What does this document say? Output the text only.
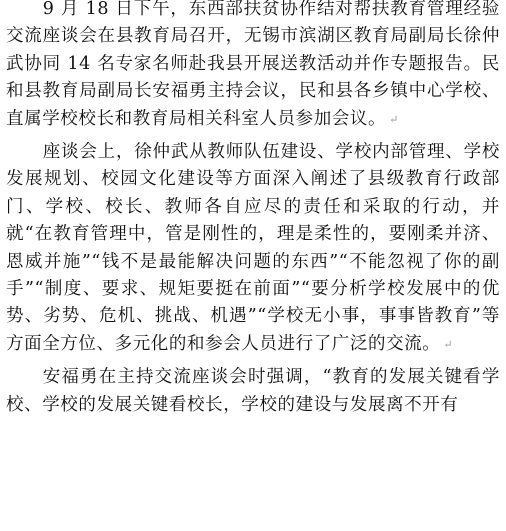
9 月 18 日下午，东西部扶贫协作结对帮扶教育管理经验交流座谈会在县教育局召开，无锡市滨湖区教育局副局长徐仲武协同 14 名专家名师赴我县开展送教活动并作专题报告。民和县教育局副局长安福勇主持会议，民和县各乡镇中心学校、直属学校校长和教育局相关科室人员参加会议。 ↵

座谈会上，徐仲武从教师队伍建设、学校内部管理、学校发展规划、校园文化建设等方面深入阐述了县级教育行政部门、学校、校长、教师各自应尽的责任和采取的行动，并就“在教育管理中，管是刚性的，理是柔性的，要刚柔并济、恩威并施”“钱不是最能解决问题的东西”“不能忽视了你的副手”“制度、要求、规矩要挺在前面”“要分析学校发展中的优势、劣势、危机、挑战、机遇”“学校无小事，事事皆教育”等方面全方位、多元化的和参会人员进行了广泛的交流。 ↵

安福勇在主持交流座谈会时强调，“教育的发展关键看学校、学校的发展关键看校长，学校的建设与发展离不开有
